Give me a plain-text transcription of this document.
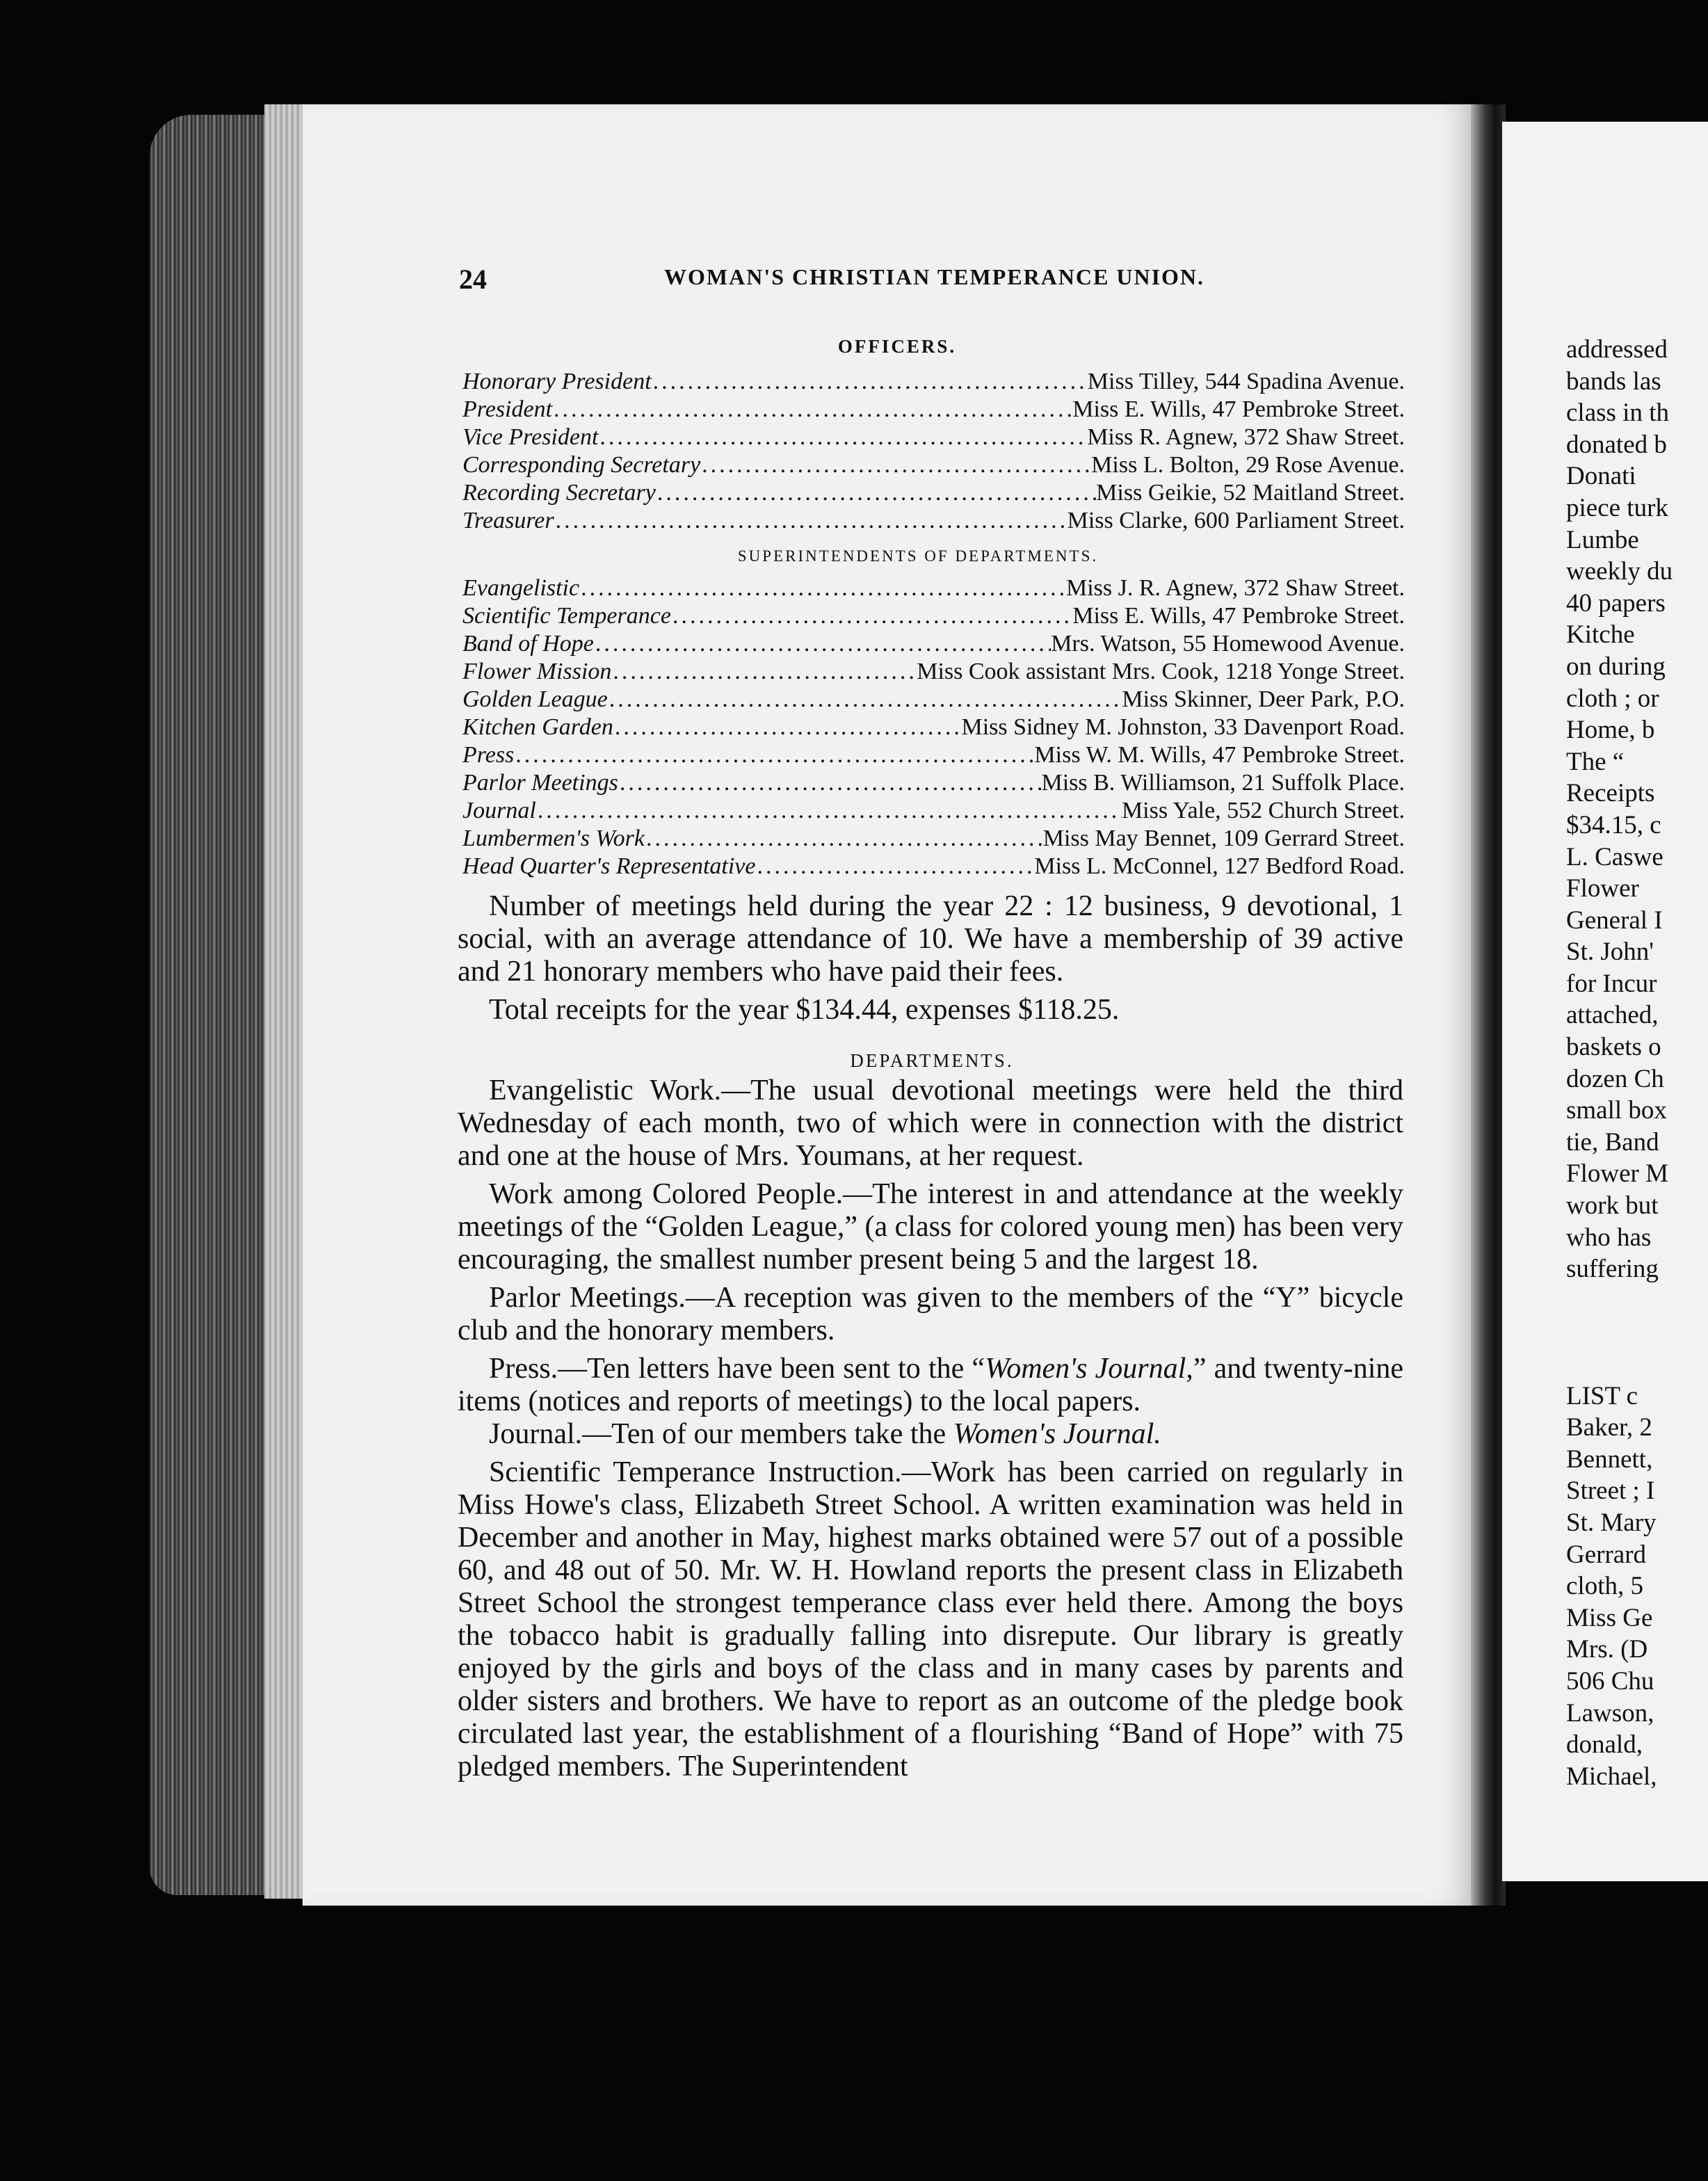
addressed
bands las
class in th
donated b
Donati
piece turk
Lumbe
weekly du
40 papers
Kitche
on during
cloth ; or
Home, b
The “
Receipts
$34.15, c
L. Caswe
Flower
General I
St. John'
for Incur
attached,
baskets o
dozen Ch
small box
tie, Band
Flower M
work but
who has
suffering
LIST c
Baker, 2
Bennett,
Street ; I
St. Mary
Gerrard
cloth, 5
Miss Ge
Mrs. (D
506 Chu
Lawson,
donald,
Michael,
24	WOMAN'S CHRISTIAN TEMPERANCE UNION.
OFFICERS.
Honorary President .....	Miss Tilley, 544 Spadina Avenue.
President .....	Miss E. Wills, 47 Pembroke Street.
Vice President .....	Miss R. Agnew, 372 Shaw Street.
Corresponding Secretary .....	Miss L. Bolton, 29 Rose Avenue.
Recording Secretary .....	Miss Geikie, 52 Maitland Street.
Treasurer .....	Miss Clarke, 600 Parliament Street.
SUPERINTENDENTS OF DEPARTMENTS.
Evangelistic .....	Miss J. R. Agnew, 372 Shaw Street.
Scientific Temperance .....	Miss E. Wills, 47 Pembroke Street.
Band of Hope .....	Mrs. Watson, 55 Homewood Avenue.
Flower Mission .....	Miss Cook assistant Mrs. Cook, 1218 Yonge Street.
Golden League .....	Miss Skinner, Deer Park, P.O.
Kitchen Garden .....	Miss Sidney M. Johnston, 33 Davenport Road.
Press .....	Miss W. M. Wills, 47 Pembroke Street.
Parlor Meetings .....	Miss B. Williamson, 21 Suffolk Place.
Journal .....	Miss Yale, 552 Church Street.
Lumbermen's Work .....	Miss May Bennet, 109 Gerrard Street.
Head Quarter's Representative .....	Miss L. McConnel, 127 Bedford Road.

Number of meetings held during the year 22 : 12 business, 9 devotional, 1 social, with an average attendance of 10. We have a membership of 39 active and 21 honorary members who have paid their fees.

Total receipts for the year $134.44, expenses $118.25.

DEPARTMENTS.

Evangelistic Work.—The usual devotional meetings were held the third Wednesday of each month, two of which were in connection with the district and one at the house of Mrs. Youmans, at her request.

Work among Colored People.—The interest in and attendance at the weekly meetings of the “Golden League,” (a class for colored young men) has been very encouraging, the smallest number present being 5 and the largest 18.

Parlor Meetings.—A reception was given to the members of the “Y” bicycle club and the honorary members.

Press.—Ten letters have been sent to the “Women's Journal,” and twenty-nine items (notices and reports of meetings) to the local papers.

Journal.—Ten of our members take the Women's Journal.

Scientific Temperance Instruction.—Work has been carried on regularly in Miss Howe's class, Elizabeth Street School. A written examination was held in December and another in May, highest marks obtained were 57 out of a possible 60, and 48 out of 50. Mr. W. H. Howland reports the present class in Elizabeth Street School the strongest temperance class ever held there. Among the boys the tobacco habit is gradually falling into disrepute. Our library is greatly enjoyed by the girls and boys of the class and in many cases by parents and older sisters and brothers. We have to report as an outcome of the pledge book circulated last year, the establishment of a flourishing “Band of Hope” with 75 pledged members. The Superintendent
